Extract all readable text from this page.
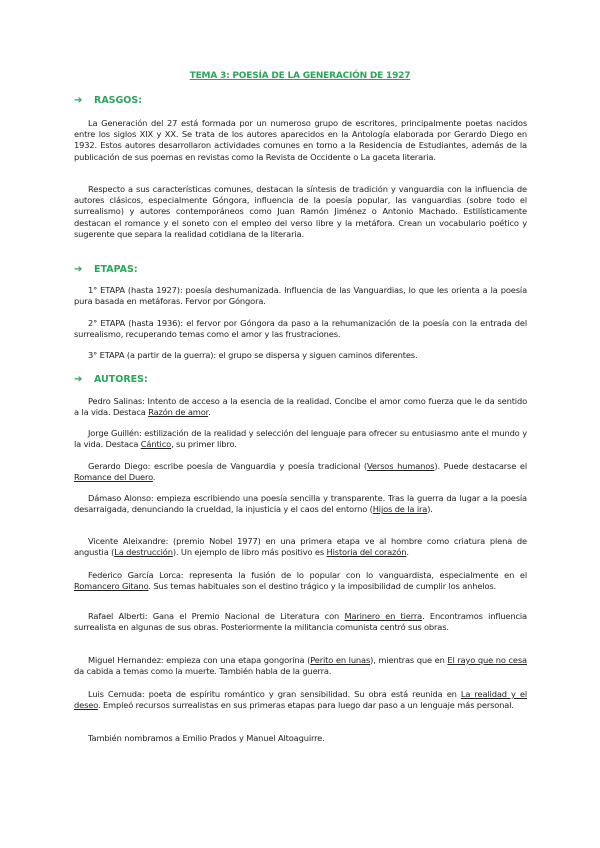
TEMA 3: POESÍA DE LA GENERACIÓN DE 1927
➔	RASGOS:
La Generación del 27 está formada por un numeroso grupo de escritores, principalmente poetas nacidos entre los siglos XIX y XX. Se trata de los autores aparecidos en la Antología elaborada por Gerardo Diego en 1932. Estos autores desarrollaron actividades comunes en torno a la Residencia de Estudiantes, además de la publicación de sus poemas en revistas como la Revista de Occidente o La gaceta literaria.
Respecto a sus características comunes, destacan la síntesis de tradición y vanguardia con la influencia de autores clásicos, especialmente Góngora, influencia de la poesía popular, las vanguardias (sobre todo el surrealismo) y autores contemporáneos como Juan Ramón Jiménez o Antonio Machado. Estilísticamente destacan el romance y el soneto con el empleo del verso libre y la metáfora. Crean un vocabulario poético y sugerente que separa la realidad cotidiana de la literaria.
➔	ETAPAS:
1° ETAPA (hasta 1927): poesía deshumanizada. Influencia de las Vanguardias, lo que les orienta a la poesía pura basada en metáforas. Fervor por Góngora.
2° ETAPA (hasta 1936): el fervor por Góngora da paso a la rehumanización de la poesía con la entrada del surrealismo, recuperando temas como el amor y las frustraciones.
3° ETAPA (a partir de la guerra): el grupo se dispersa y siguen caminos diferentes.
➔	AUTORES:
Pedro Salinas: Intento de acceso a la esencia de la realidad. Concibe el amor como fuerza que le da sentido a la vida. Destaca Razón de amor.
Jorge Guillén: estilización de la realidad y selección del lenguaje para ofrecer su entusiasmo ante el mundo y la vida. Destaca Cántico, su primer libro.
Gerardo Diego: escribe poesía de Vanguardia y poesía tradicional (Versos humanos). Puede destacarse el Romance del Duero.
Dámaso Alonso: empieza escribiendo una poesía sencilla y transparente. Tras la guerra da lugar a la poesía desarraigada, denunciando la crueldad, la injusticia y el caos del entorno (Hijos de la ira).
Vicente Aleixandre: (premio Nobel 1977) en una primera etapa ve al hombre como criatura plena de angustia (La destrucción). Un ejemplo de libro más positivo es Historia del corazón.
Federico García Lorca: representa la fusión de lo popular con lo vanguardista, especialmente en el Romancero Gitano. Sus temas habituales son el destino trágico y la imposibilidad de cumplir los anhelos.
Rafael Alberti: Gana el Premio Nacional de Literatura con Marinero en tierra. Encontramos influencia surrealista en algunas de sus obras. Posteriormente la militancia comunista centró sus obras.
Miguel Hernandez: empieza con una etapa gongorina (Perito en lunas), mientras que en El rayo que no cesa da cabida a temas como la muerte. También habla de la guerra.
Luis Cernuda: poeta de espíritu romántico y gran sensibilidad. Su obra está reunida en La realidad y el deseo. Empleó recursos surrealistas en sus primeras etapas para luego dar paso a un lenguaje más personal.
También nombramos a Emilio Prados y Manuel Altoaguirre.
